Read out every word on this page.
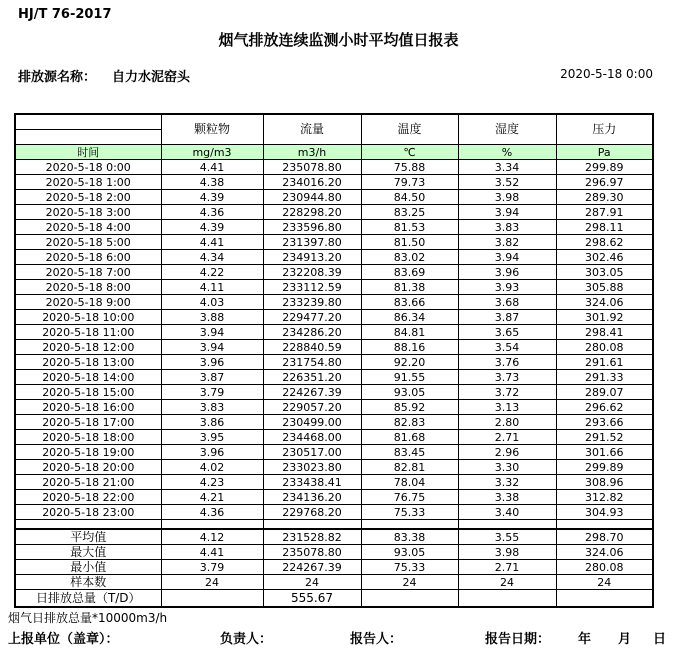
HJ/T 76-2017
烟气排放连续监测小时平均值日报表
排放源名称： 自力水泥窑头	2020-5-18 0:00
	颗粒物	流量	温度	湿度	压力

时间	mg/m3	m3/h	℃	%	Pa
2020-5-18 0:00	4.41	235078.80	75.88	3.34	299.89
2020-5-18 1:00	4.38	234016.20	79.73	3.52	296.97
2020-5-18 2:00	4.39	230944.80	84.50	3.98	289.30
2020-5-18 3:00	4.36	228298.20	83.25	3.94	287.91
2020-5-18 4:00	4.39	233596.80	81.53	3.83	298.11
2020-5-18 5:00	4.41	231397.80	81.50	3.82	298.62
2020-5-18 6:00	4.34	234913.20	83.02	3.94	302.46
2020-5-18 7:00	4.22	232208.39	83.69	3.96	303.05
2020-5-18 8:00	4.11	233112.59	81.38	3.93	305.88
2020-5-18 9:00	4.03	233239.80	83.66	3.68	324.06
2020-5-18 10:00	3.88	229477.20	86.34	3.87	301.92
2020-5-18 11:00	3.94	234286.20	84.81	3.65	298.41
2020-5-18 12:00	3.94	228840.59	88.16	3.54	280.08
2020-5-18 13:00	3.96	231754.80	92.20	3.76	291.61
2020-5-18 14:00	3.87	226351.20	91.55	3.73	291.33
2020-5-18 15:00	3.79	224267.39	93.05	3.72	289.07
2020-5-18 16:00	3.83	229057.20	85.92	3.13	296.62
2020-5-18 17:00	3.86	230499.00	82.83	2.80	293.66
2020-5-18 18:00	3.95	234468.00	81.68	2.71	291.52
2020-5-18 19:00	3.96	230517.00	83.45	2.96	301.66
2020-5-18 20:00	4.02	233023.80	82.81	3.30	299.89
2020-5-18 21:00	4.23	233438.41	78.04	3.32	308.96
2020-5-18 22:00	4.21	234136.20	76.75	3.38	312.82
2020-5-18 23:00	4.36	229768.20	75.33	3.40	304.93

平均值	4.12	231528.82	83.38	3.55	298.70
最大值	4.41	235078.80	93.05	3.98	324.06
最小值	3.79	224267.39	75.33	2.71	280.08
样本数	24	24	24	24	24
日排放总量（T/D）		555.67			
烟气日排放总量*10000m3/h
上报单位（盖章）：	负责人：	报告人：	报告日期： 年 月 日
